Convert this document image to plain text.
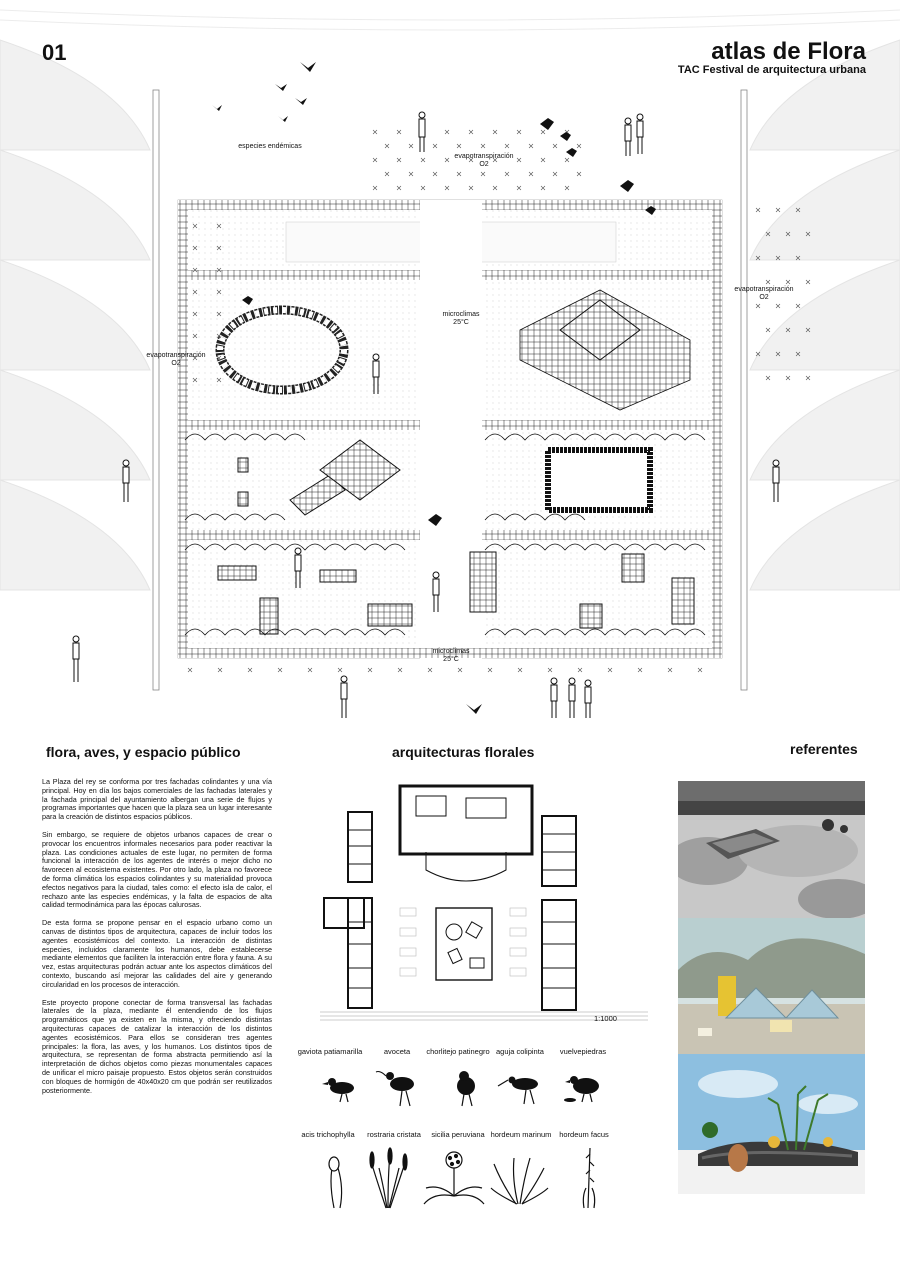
01	atlas de Flora
TAC Festival de arquitectura urbana
especies endémicas
evapotranspiración
O2
evapotranspiración
O2
evapotranspiración
O2
microclimas
25°C
microclimas
25°C
flora, aves, y espacio público	arquitecturas florales	referentes

La Plaza del rey se conforma por tres fachadas colindantes y una vía principal. Hoy en día los bajos comerciales de las fachadas laterales y la fachada principal del ayuntamiento albergan una serie de flujos y programas importantes que hacen que la plaza sea un lugar interesante para la creación de distintos espacios públicos.

Sin embargo, se requiere de objetos urbanos capaces de crear o provocar los encuentros informales necesarios para poder reactivar la plaza. Las condiciones actuales de este lugar, no permiten de forma funcional la interacción de los agentes de interés o mejor dicho no favorecen al ecosistema existentes. Por otro lado, la plaza no favorece de forma climática los espacios colindantes y su materialidad provoca efectos negativos para la ciudad, tales como: el efecto isla de calor, el rechazo ante las especies endémicas, y la falta de espacios de alta calidad termodinámica para las épocas calurosas.

De esta forma se propone pensar en el espacio urbano como un canvas de distintos tipos de arquitectura, capaces de incluir todos los agentes ecosistémicos del contexto. La interacción de distintas especies, incluidos claramente los humanos, debe establecerse mediante elementos que faciliten la interacción entre flora y fauna. A su vez, estas arquitecturas podrán actuar ante los aspectos climáticos del contexto, buscando así mejorar las calidades del aire y generando circularidad en los procesos de interacción.

Este proyecto propone conectar de forma transversal las fachadas laterales de la plaza, mediante él entendiendo de los flujos programáticos que ya existen en la misma, y ofreciendo distintas arquitecturas capaces de catalizar la interacción de los distintos agentes ecosistémicos. Para ellos se consideran tres agentes principales: la flora, las aves, y los humanos. Los distintos tipos de arquitectura, se representan de forma abstracta permitiendo así la interpretación de dichos objetos como piezas monumentales capaces de unificar el micro paisaje propuesto. Estos objetos serán construidos con bloques de hormigón de 40x40x20 cm que podrán ser reutilizados posteriormente.

1:1000
gaviota patiamarilla	avoceta	chorlitejo patinegro aguja colipinta	vuelvepiedras
acis trichophylla	rostraria cristata	sicilia peruviana hordeum marinum	hordeum facus
